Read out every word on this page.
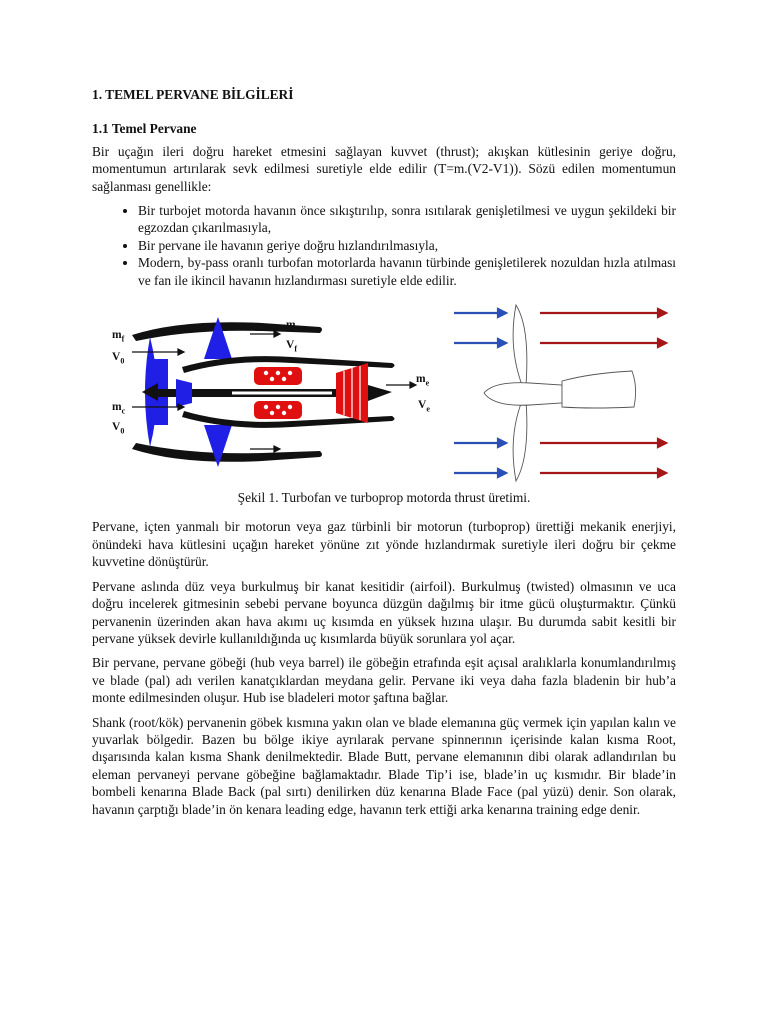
1. TEMEL PERVANE BİLGİLERİ
1.1 Temel Pervane

Bir uçağın ileri doğru hareket etmesini sağlayan kuvvet (thrust); akışkan kütlesinin geriye doğru, momentumun artırılarak sevk edilmesi suretiyle elde edilir (T=m.(V2-V1)). Sözü edilen momentumun sağlanması genellikle:

• Bir turbojet motorda havanın önce sıkıştırılıp, sonra ısıtılarak genişletilmesi ve uygun şekildeki bir egzozdan çıkarılmasıyla,
• Bir pervane ile havanın geriye doğru hızlandırılmasıyla,
• Modern, by-pass oranlı turbofan motorlarda havanın türbinde genişletilerek nozuldan hızla atılması ve fan ile ikincil havanın hızlandırması suretiyle elde edilir.
$m_f$
$V_0$
$m_c$
$V_0$
$m_f$
$V_f$
$m_e$
$V_e$
Şekil 1. Turbofan ve turboprop motorda thrust üretimi.

Pervane, içten yanmalı bir motorun veya gaz türbinli bir motorun (turboprop) ürettiği mekanik enerjiyi, önündeki hava kütlesini uçağın hareket yönüne zıt yönde hızlandırmak suretiyle ileri doğru bir çekme kuvvetine dönüştürür.

Pervane aslında düz veya burkulmuş bir kanat kesitidir (airfoil). Burkulmuş (twisted) olmasının ve uca doğru incelerek gitmesinin sebebi pervane boyunca düzgün dağılmış bir itme gücü oluşturmaktır. Çünkü pervanenin üzerinden akan hava akımı uç kısımda en yüksek hızına ulaşır. Bu durumda sabit kesitli bir pervane yüksek devirle kullanıldığında uç kısımlarda büyük sorunlara yol açar.

Bir pervane, pervane göbeği (hub veya barrel) ile göbeğin etrafında eşit açısal aralıklarla konumlandırılmış ve blade (pal) adı verilen kanatçıklardan meydana gelir. Pervane iki veya daha fazla bladenin bir hub’a monte edilmesinden oluşur. Hub ise bladeleri motor şaftına bağlar.

Shank (root/kök) pervanenin göbek kısmına yakın olan ve blade elemanına güç vermek için yapılan kalın ve yuvarlak bölgedir. Bazen bu bölge ikiye ayrılarak pervane spinnerının içerisinde kalan kısma Root, dışarısında kalan kısma Shank denilmektedir. Blade Butt, pervane elemanının dibi olarak adlandırılan bu eleman pervaneyi pervane göbeğine bağlamaktadır. Blade Tip’i ise, blade’in uç kısmıdır. Bir blade’in bombeli kenarına Blade Back (pal sırtı) denilirken düz kenarına Blade Face (pal yüzü) denir. Son olarak, havanın çarptığı blade’in ön kenara leading edge, havanın terk ettiği arka kenarına training edge denir.
